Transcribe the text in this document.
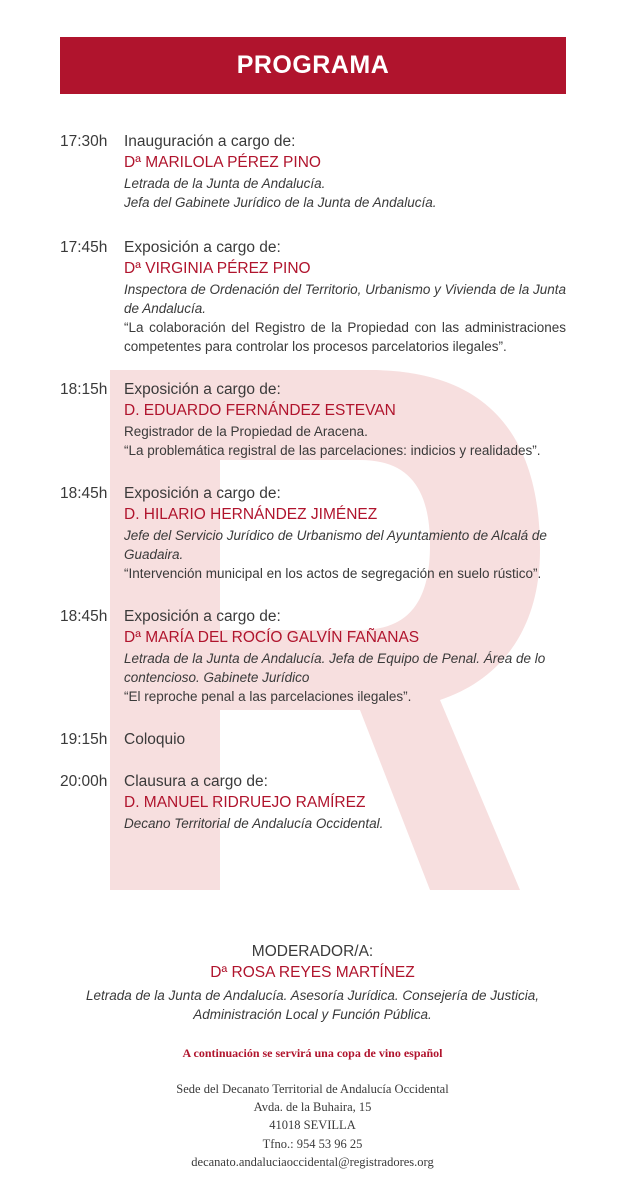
PROGRAMA
17:30h Inauguración a cargo de:
Dª MARILOLA PÉREZ PINO
Letrada de la Junta de Andalucía.
Jefa del Gabinete Jurídico de la Junta de Andalucía.
17:45h Exposición a cargo de:
Dª VIRGINIA PÉREZ PINO
Inspectora de Ordenación del Territorio, Urbanismo y Vivienda de la Junta de Andalucía.
“La colaboración del Registro de la Propiedad con las administraciones competentes para controlar los procesos parcelatorios ilegales”.
18:15h Exposición a cargo de:
D. EDUARDO FERNÁNDEZ ESTEVAN
Registrador de la Propiedad de Aracena.
“La problemática registral de las parcelaciones: indicios y realidades”.
18:45h Exposición a cargo de:
D. HILARIO HERNÁNDEZ JIMÉNEZ
Jefe del Servicio Jurídico de Urbanismo del Ayuntamiento de Alcalá de Guadaira.
“Intervención municipal en los actos de segregación en suelo rústico”.
18:45h Exposición a cargo de:
Dª MARÍA DEL ROCÍO GALVÍN FAÑANAS
Letrada de la Junta de Andalucía. Jefa de Equipo de Penal. Área de lo contencioso. Gabinete Jurídico
“El reproche penal a las parcelaciones ilegales”.
19:15h Coloquio
20:00h Clausura a cargo de:
D. MANUEL RIDRUEJO RAMÍREZ
Decano Territorial de Andalucía Occidental.
MODERADOR/A:
Dª ROSA REYES MARTÍNEZ
Letrada de la Junta de Andalucía. Asesoría Jurídica. Consejería de Justicia, Administración Local y Función Pública.
A continuación se servirá una copa de vino español
Sede del Decanato Territorial de Andalucía Occidental
Avda. de la Buhaira, 15
41018 SEVILLA
Tfno.: 954 53 96 25
decanato.andaluciaoccidental@registradores.org
